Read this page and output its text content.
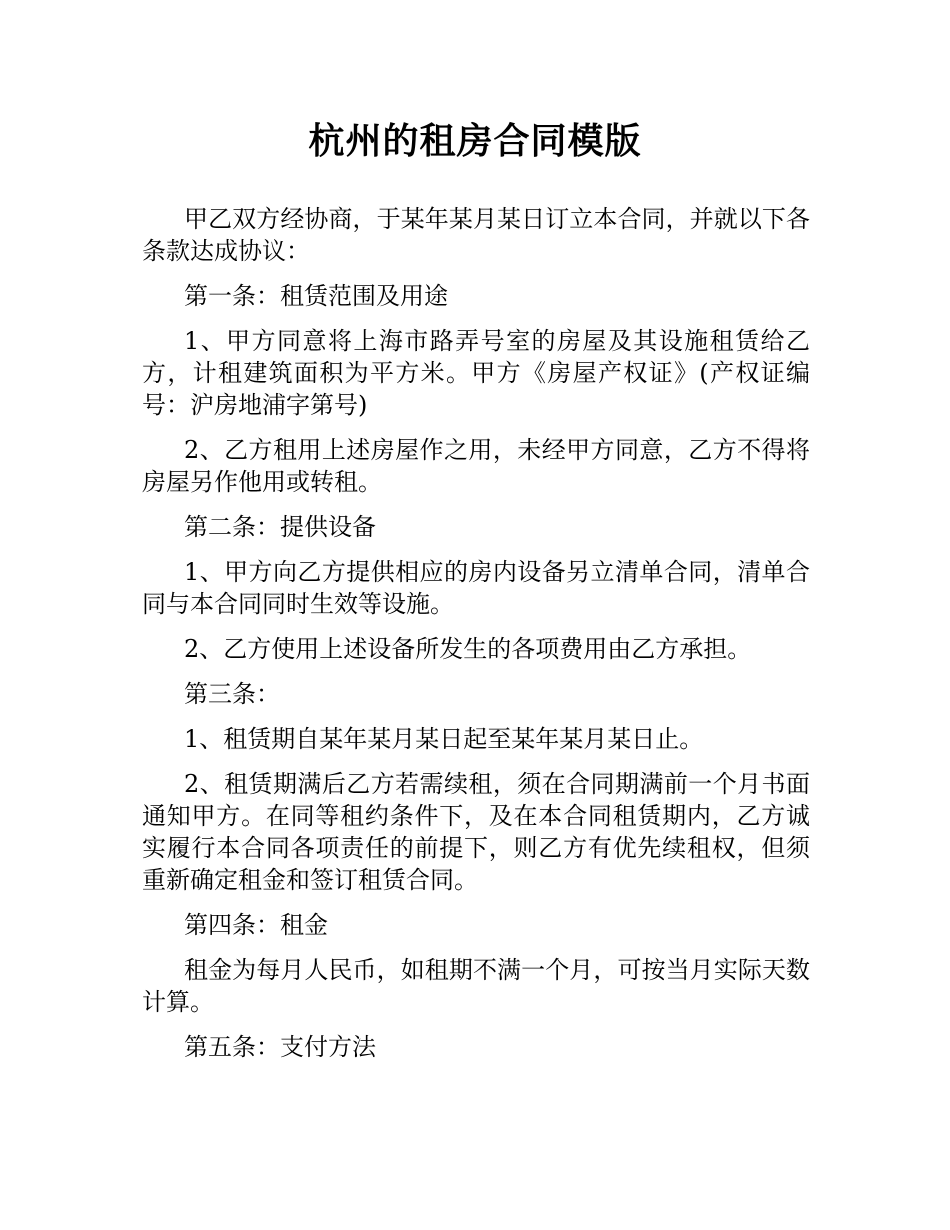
杭州的租房合同模版

甲乙双方经协商，于某年某月某日订立本合同，并就以下各条款达成协议：

第一条：租赁范围及用途

1、甲方同意将上海市路弄号室的房屋及其设施租赁给乙方，计租建筑面积为平方米。甲方《房屋产权证》(产权证编号：沪房地浦字第号)

2、乙方租用上述房屋作之用，未经甲方同意，乙方不得将房屋另作他用或转租。

第二条：提供设备

1、甲方向乙方提供相应的房内设备另立清单合同，清单合同与本合同同时生效等设施。

2、乙方使用上述设备所发生的各项费用由乙方承担。

第三条：

1、租赁期自某年某月某日起至某年某月某日止。

2、租赁期满后乙方若需续租，须在合同期满前一个月书面通知甲方。在同等租约条件下，及在本合同租赁期内，乙方诚实履行本合同各项责任的前提下，则乙方有优先续租权，但须重新确定租金和签订租赁合同。

第四条：租金

租金为每月人民币，如租期不满一个月，可按当月实际天数计算。

第五条：支付方法
